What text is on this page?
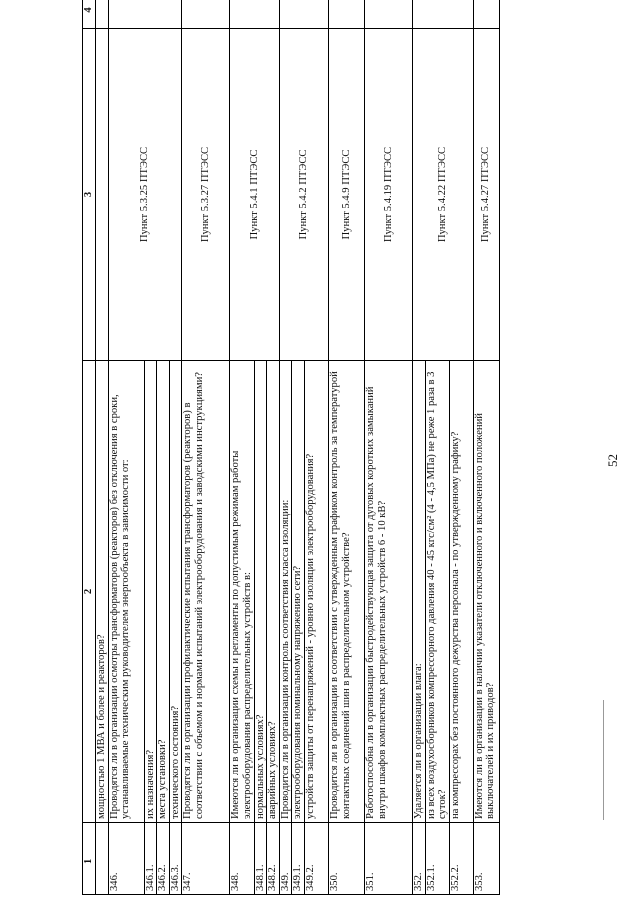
52
1	2	3	4
	мощностью 1 МВА и более и реакторов?		
346.	Проводятся ли в организации осмотры трансформаторов (реакторов) без отключения в сроки, устанавливаемые техническим руководителем энергообъекта в зависимости от:	Пункт 5.3.25 ПТЭСС	
346.1.	их назначения?		
346.2.	места установки?		
346.3.	технического состояния?		
347.	Проводятся ли в организации профилактические испытания трансформаторов (реакторов) в соответствии с объемом и нормами испытаний электрооборудования и заводскими инструкциями?	Пункт 5.3.27 ПТЭСС	
348.	Имеются ли в организации схемы и регламенты по допустимым режимам работы электрооборудования распределительных устройств в:	Пункт 5.4.1 ПТЭСС	
348.1.	нормальных условиях?		
348.2.	аварийных условиях?		
349.	Проводится ли в организации контроль соответствия класса изоляции:	Пункт 5.4.2 ПТЭСС	
349.1.	электрооборудования номинальному напряжению сети?		
349.2.	устройств защиты от перенапряжений - уровню изоляции электрооборудования?		
350.	Проводится ли в организации в соответствии с утвержденным графиком контроль за температурой контактных соединений шин в распределительном устройстве?	Пункт 5.4.9 ПТЭСС	
351.	Работоспособна ли в организации быстродействующая защита от дуговых коротких замыканий внутри шкафов комплектных распределительных устройств 6 - 10 кВ?	Пункт 5.4.19 ПТЭСС	
352.	Удаляется ли в организации влага:	Пункт 5.4.22 ПТЭСС	
352.1.	из всех воздухосборников компрессорного давления 40 - 45 кгс/см² (4 - 4,5 МПа) не реже 1 раза в 3 суток?		
352.2.	на компрессорах без постоянного дежурства персонала - по утвержденному графику?		
353.	Имеются ли в организации в наличии указатели отключенного и включенного положений выключателей и их приводов?	Пункт 5.4.27 ПТЭСС	
